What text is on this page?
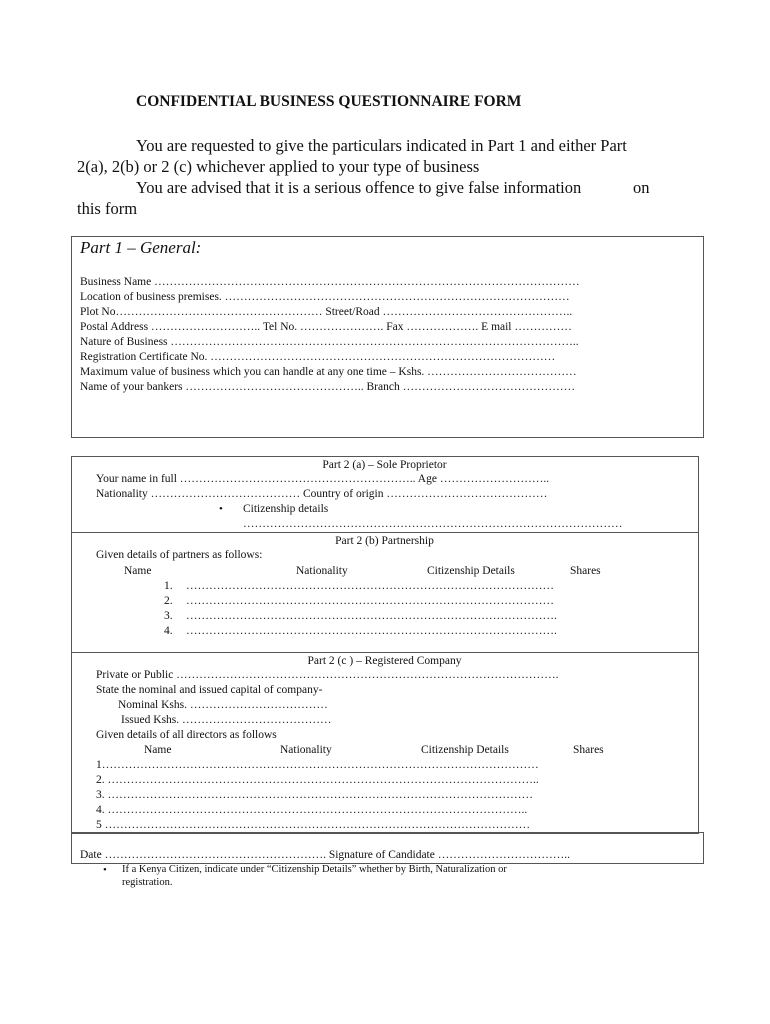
CONFIDENTIAL BUSINESS QUESTIONNAIRE FORM
You are requested to give the particulars indicated in Part 1 and either Part
2(a), 2(b) or 2 (c) whichever applied to your type of business
You are advised that it is a serious offence to give false information	on
this form
Part 1 – General:
Business Name …………………………………………………………………………………………………
Location of business premises. ………………………………………………………………………………
Plot No……………………………………………… Street/Road …………………………………………..
Postal Address ……………………….. Tel No. …………………. Fax ………………. E mail ……………
Nature of Business ……………………………………………………………………………………………..
Registration Certificate No. ………………………………………………………………………………
Maximum value of business which you can handle at any one time – Kshs. …………………………………
Name of your bankers ……………………………………….. Branch ………………………………………
Part 2 (a) – Sole Proprietor
Your name in full …………………………………………………….. Age ………………………..
Nationality ………………………………… Country of origin ……………………………………
• Citizenship details
………………………………………………………………………………………
Part 2 (b) Partnership
Given details of partners as follows:
Name	Nationality	Citizenship Details	Shares
1. ……………………………………………………………………………………
2. ……………………………………………………………………………………
3. …………………………………………………………………………………….
4. …………………………………………………………………………………….
Part 2 (c ) – Registered Company
Private or Public ……………………………………………………………………………………….
State the nominal and issued capital of company-
Nominal Kshs. ………………………………
Issued Kshs. …………………………………
Given details of all directors as follows
Name	Nationality	Citizenship Details	Shares
1……………………………………………………………………………………………………
2. …………………………………………………………………………………………………..
3. …………………………………………………………………………………………………
4. ………………………………………………………………………………………………..
5 …………………………………………………………………………………………………
Date …………………………………………………. Signature of Candidate ……………………………..
• If a Kenya Citizen, indicate under “Citizenship Details” whether by Birth, Naturalization or
registration.
